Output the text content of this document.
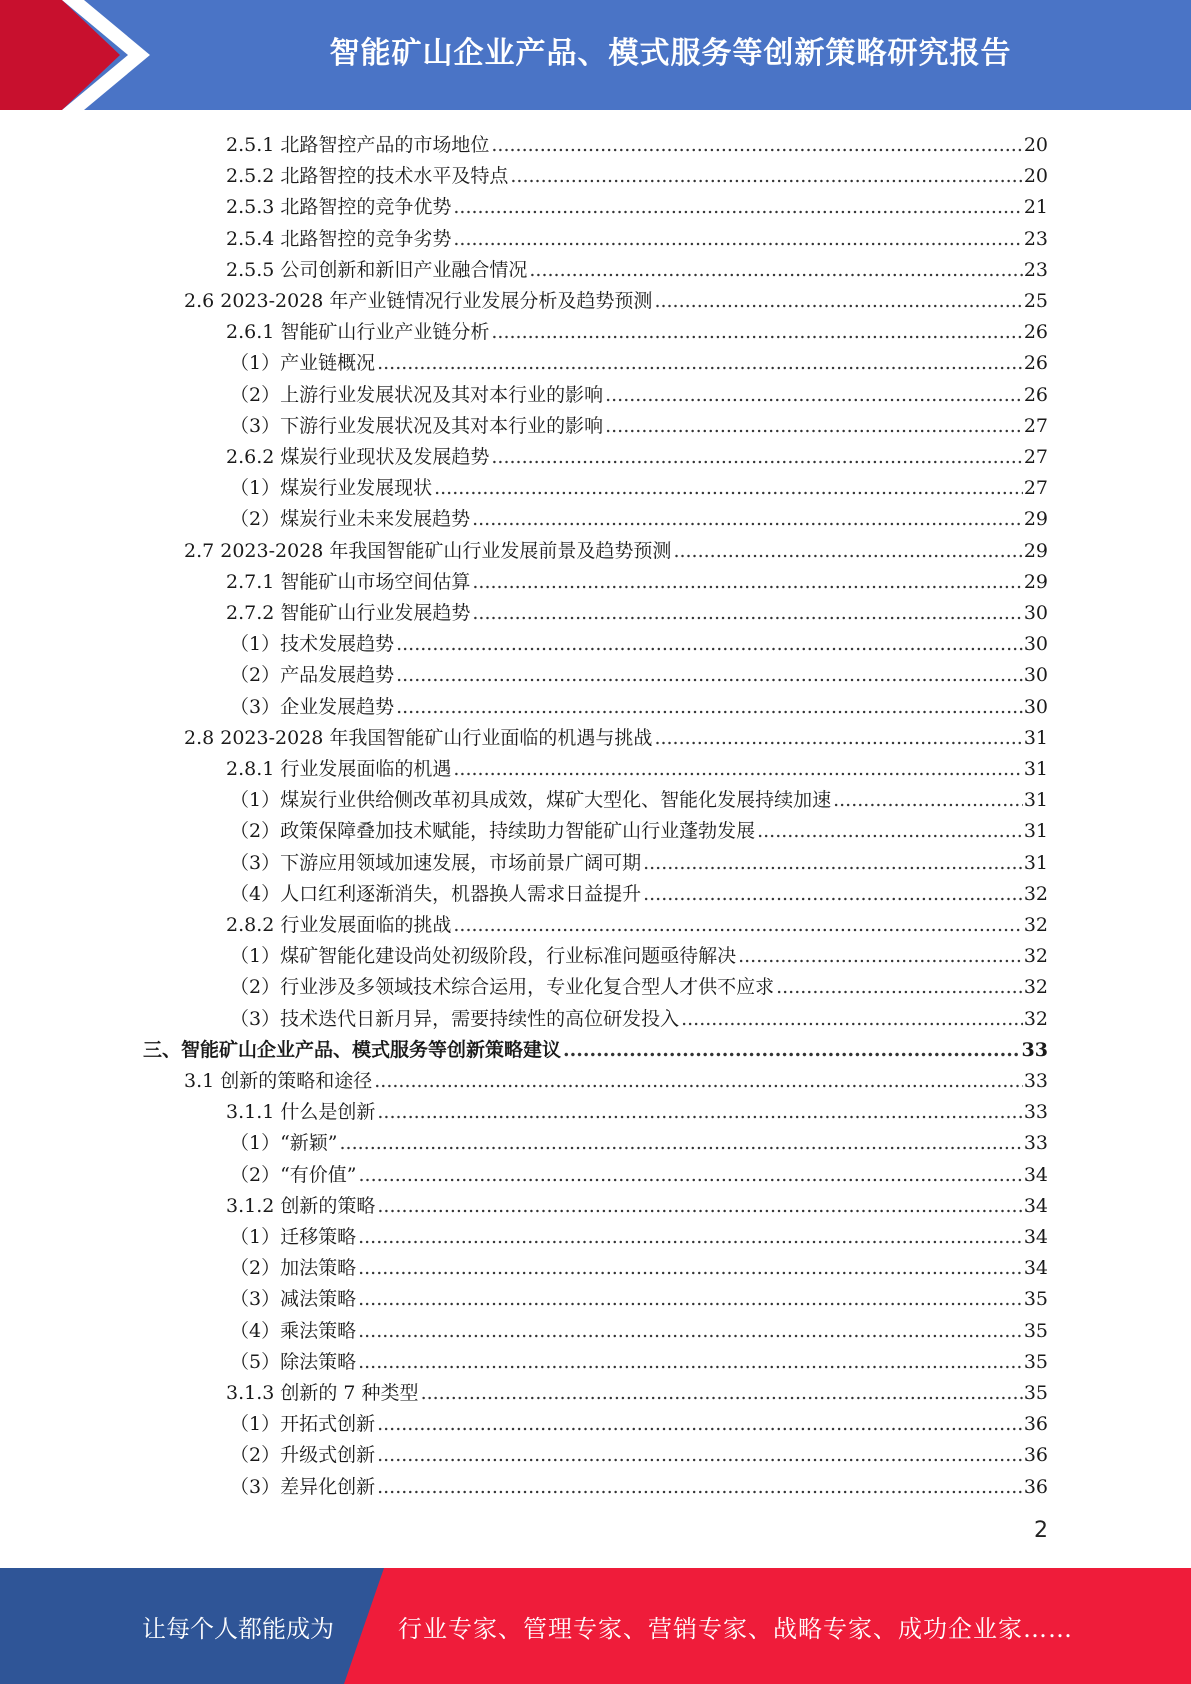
智能矿山企业产品、模式服务等创新策略研究报告
2.5.1 北路智控产品的市场地位 .....	20
2.5.2 北路智控的技术水平及特点 .....	20
2.5.3 北路智控的竞争优势 .....	21
2.5.4 北路智控的竞争劣势 .....	23
2.5.5 公司创新和新旧产业融合情况 .....	23
2.6 2023-2028 年产业链情况行业发展分析及趋势预测 .....	25
2.6.1 智能矿山行业产业链分析 .....	26
（1）产业链概况 .....	26
（2）上游行业发展状况及其对本行业的影响 .....	26
（3）下游行业发展状况及其对本行业的影响 .....	27
2.6.2 煤炭行业现状及发展趋势 .....	27
（1）煤炭行业发展现状 .....	27
（2）煤炭行业未来发展趋势 .....	29
2.7 2023-2028 年我国智能矿山行业发展前景及趋势预测 .....	29
2.7.1 智能矿山市场空间估算 .....	29
2.7.2 智能矿山行业发展趋势 .....	30
（1）技术发展趋势 .....	30
（2）产品发展趋势 .....	30
（3）企业发展趋势 .....	30
2.8 2023-2028 年我国智能矿山行业面临的机遇与挑战 .....	31
2.8.1 行业发展面临的机遇 .....	31
（1）煤炭行业供给侧改革初具成效，煤矿大型化、智能化发展持续加速 .....	31
（2）政策保障叠加技术赋能，持续助力智能矿山行业蓬勃发展 .....	31
（3）下游应用领域加速发展，市场前景广阔可期 .....	31
（4）人口红利逐渐消失，机器换人需求日益提升 .....	32
2.8.2 行业发展面临的挑战 .....	32
（1）煤矿智能化建设尚处初级阶段，行业标准问题亟待解决 .....	32
（2）行业涉及多领域技术综合运用，专业化复合型人才供不应求 .....	32
（3）技术迭代日新月异，需要持续性的高位研发投入 .....	32
三、智能矿山企业产品、模式服务等创新策略建议 .....	33
3.1 创新的策略和途径 .....	33
3.1.1 什么是创新 .....	33
（1）“新颖” .....	33
（2）“有价值” .....	34
3.1.2 创新的策略 .....	34
（1）迁移策略 .....	34
（2）加法策略 .....	34
（3）减法策略 .....	35
（4）乘法策略 .....	35
（5）除法策略 .....	35
3.1.3 创新的 7 种类型 .....	35
（1）开拓式创新 .....	36
（2）升级式创新 .....	36
（3）差异化创新 .....	36
2
让每个人都能成为	行业专家、管理专家、营销专家、战略专家、成功企业家……
